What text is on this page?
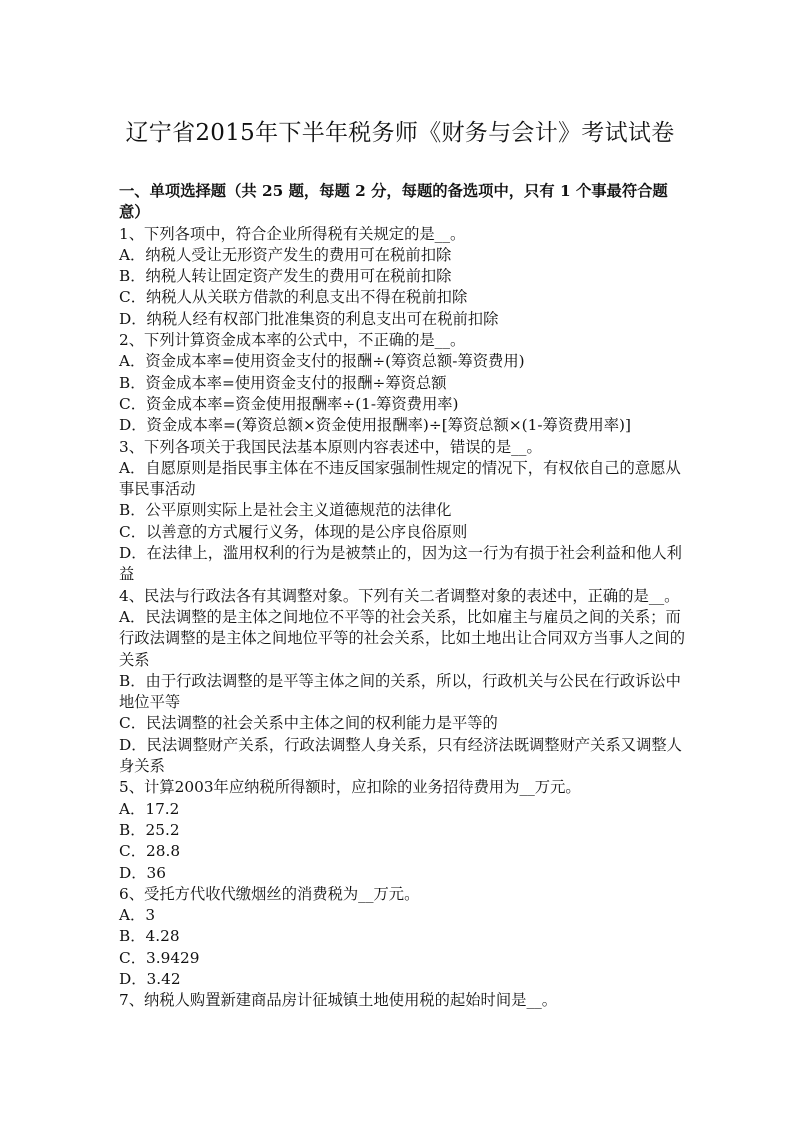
辽宁省2015年下半年税务师《财务与会计》考试试卷

一、单项选择题（共 25 题，每题 2 分，每题的备选项中，只有 1 个事最符合题意）

1、下列各项中，符合企业所得税有关规定的是__。

A．纳税人受让无形资产发生的费用可在税前扣除

B．纳税人转让固定资产发生的费用可在税前扣除

C．纳税人从关联方借款的利息支出不得在税前扣除

D．纳税人经有权部门批准集资的利息支出可在税前扣除

2、下列计算资金成本率的公式中，不正确的是__。

A．资金成本率=使用资金支付的报酬÷(筹资总额-筹资费用)

B．资金成本率=使用资金支付的报酬÷筹资总额

C．资金成本率=资金使用报酬率÷(1-筹资费用率)

D．资金成本率=(筹资总额×资金使用报酬率)÷[筹资总额×(1-筹资费用率)]

3、下列各项关于我国民法基本原则内容表述中，错误的是__。

A．自愿原则是指民事主体在不违反国家强制性规定的情况下，有权依自己的意愿从事民事活动

B．公平原则实际上是社会主义道德规范的法律化

C．以善意的方式履行义务，体现的是公序良俗原则

D．在法律上，滥用权利的行为是被禁止的，因为这一行为有损于社会利益和他人利益

4、民法与行政法各有其调整对象。下列有关二者调整对象的表述中，正确的是__。

A．民法调整的是主体之间地位不平等的社会关系，比如雇主与雇员之间的关系；而行政法调整的是主体之间地位平等的社会关系，比如土地出让合同双方当事人之间的关系

B．由于行政法调整的是平等主体之间的关系，所以，行政机关与公民在行政诉讼中地位平等

C．民法调整的社会关系中主体之间的权利能力是平等的

D．民法调整财产关系，行政法调整人身关系，只有经济法既调整财产关系又调整人身关系

5、计算2003年应纳税所得额时，应扣除的业务招待费用为__万元。

A．17.2

B．25.2

C．28.8

D．36

6、受托方代收代缴烟丝的消费税为__万元。

A．3

B．4.28

C．3.9429

D．3.42

7、纳税人购置新建商品房计征城镇土地使用税的起始时间是__。
